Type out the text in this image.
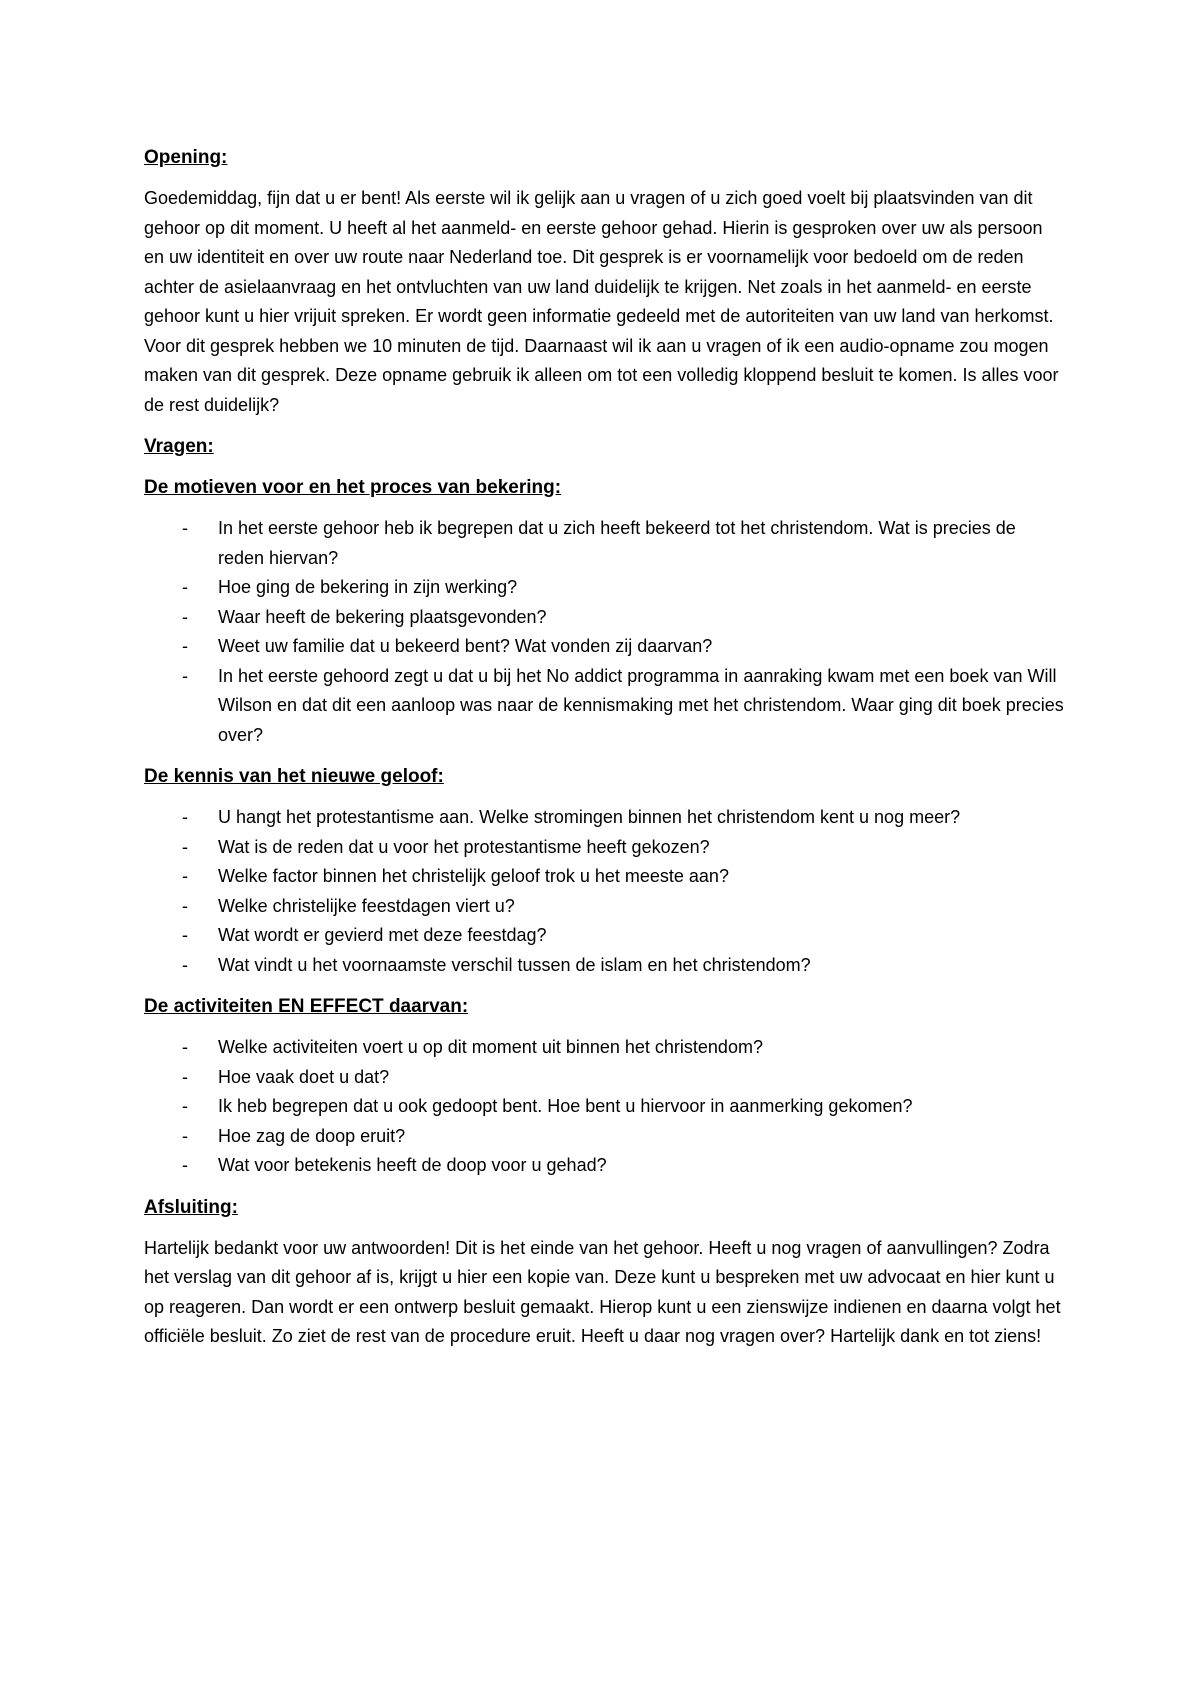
Opening:

Goedemiddag, fijn dat u er bent! Als eerste wil ik gelijk aan u vragen of u zich goed voelt bij plaatsvinden van dit gehoor op dit moment. U heeft al het aanmeld- en eerste gehoor gehad. Hierin is gesproken over uw als persoon en uw identiteit en over uw route naar Nederland toe. Dit gesprek is er voornamelijk voor bedoeld om de reden achter de asielaanvraag en het ontvluchten van uw land duidelijk te krijgen. Net zoals in het aanmeld- en eerste gehoor kunt u hier vrijuit spreken. Er wordt geen informatie gedeeld met de autoriteiten van uw land van herkomst. Voor dit gesprek hebben we 10 minuten de tijd. Daarnaast wil ik aan u vragen of ik een audio-opname zou mogen maken van dit gesprek. Deze opname gebruik ik alleen om tot een volledig kloppend besluit te komen. Is alles voor de rest duidelijk?

Vragen:
De motieven voor en het proces van bekering:
- In het eerste gehoor heb ik begrepen dat u zich heeft bekeerd tot het christendom. Wat is precies de reden hiervan?
- Hoe ging de bekering in zijn werking?
- Waar heeft de bekering plaatsgevonden?
- Weet uw familie dat u bekeerd bent? Wat vonden zij daarvan?
- In het eerste gehoord zegt u dat u bij het No addict programma in aanraking kwam met een boek van Will Wilson en dat dit een aanloop was naar de kennismaking met het christendom. Waar ging dit boek precies over?
De kennis van het nieuwe geloof:
- U hangt het protestantisme aan. Welke stromingen binnen het christendom kent u nog meer?
- Wat is de reden dat u voor het protestantisme heeft gekozen?
- Welke factor binnen het christelijk geloof trok u het meeste aan?
- Welke christelijke feestdagen viert u?
- Wat wordt er gevierd met deze feestdag?
- Wat vindt u het voornaamste verschil tussen de islam en het christendom?
De activiteiten EN EFFECT daarvan:
- Welke activiteiten voert u op dit moment uit binnen het christendom?
- Hoe vaak doet u dat?
- Ik heb begrepen dat u ook gedoopt bent. Hoe bent u hiervoor in aanmerking gekomen?
- Hoe zag de doop eruit?
- Wat voor betekenis heeft de doop voor u gehad?
Afsluiting:

Hartelijk bedankt voor uw antwoorden! Dit is het einde van het gehoor. Heeft u nog vragen of aanvullingen? Zodra het verslag van dit gehoor af is, krijgt u hier een kopie van. Deze kunt u bespreken met uw advocaat en hier kunt u op reageren. Dan wordt er een ontwerp besluit gemaakt. Hierop kunt u een zienswijze indienen en daarna volgt het officiële besluit. Zo ziet de rest van de procedure eruit. Heeft u daar nog vragen over? Hartelijk dank en tot ziens!
